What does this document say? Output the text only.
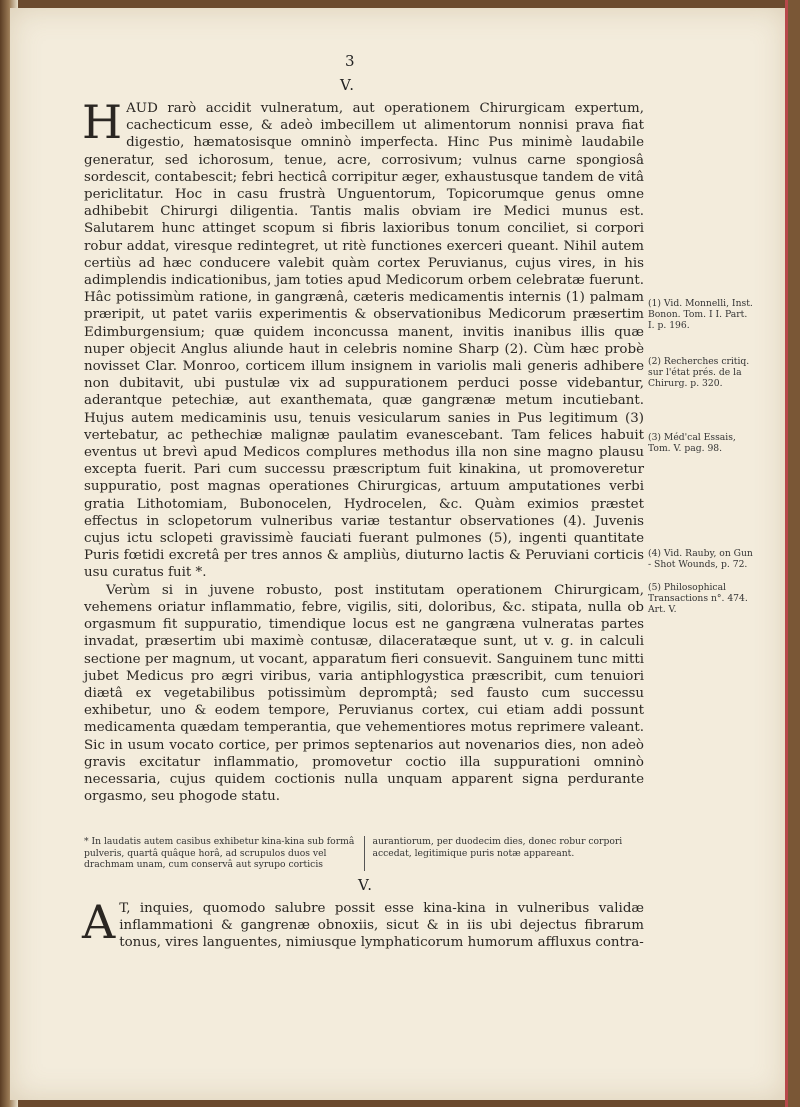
3
V.

HAUD rarò accidit vulneratum, aut operationem Chirurgicam expertum, cachecticum esse, & adeò imbecillem ut alimentorum nonnisi prava fiat digestio, hæmatosisque omninò imperfecta. Hinc Pus minimè laudabile generatur, sed ichorosum, tenue, acre, corrosivum; vulnus carne spongiosâ sordescit, contabescit; febri hecticâ corripitur æger, exhaustusque tandem de vitâ periclitatur. Hoc in casu frustrà Unguentorum, Topicorumque genus omne adhibebit Chirurgi diligentia. Tantis malis obviam ire Medici munus est. Salutarem hunc attinget scopum si fibris laxioribus tonum conciliet, si corpori robur addat, viresque redintegret, ut ritè functiones exerceri queant. Nihil autem certiùs ad hæc conducere valebit quàm cortex Peruvianus, cujus vires, in his adimplendis indicationibus, jam toties apud Medicorum orbem celebratæ fuerunt. Hâc potissimùm ratione, in gangrænâ, cæteris medicamentis internis (1) palmam præripit, ut patet variis experimentis & observationibus Medicorum præsertim Edimburgensium; quæ quidem inconcussa manent, invitis inanibus illis quæ nuper objecit Anglus aliunde haut in celebris nomine Sharp (2). Cùm hæc probè novisset Clar. Monroo, corticem illum insignem in variolis mali generis adhibere non dubitavit, ubi pustulæ vix ad suppurationem perduci posse videbantur, aderantque petechiæ, aut exanthemata, quæ gangrænæ metum incutiebant. Hujus autem medicaminis usu, tenuis vesicularum sanies in Pus legitimum (3) vertebatur, ac pethechiæ malignæ paulatim evanescebant. Tam felices habuit eventus ut brevì apud Medicos complures methodus illa non sine magno plausu excepta fuerit. Pari cum successu præscriptum fuit kinakina, ut promoveretur suppuratio, post magnas operationes Chirurgicas, artuum amputationes verbi gratia Lithotomiam, Bubonocelen, Hydrocelen, &c. Quàm eximios præstet effectus in sclopetorum vulneribus variæ testantur observationes (4). Juvenis cujus ictu sclopeti gravissimè fauciati fuerant pulmones (5), ingenti quantitate Puris fœtidi excretâ per tres annos & ampliùs, diuturno lactis & Peruviani corticis usu curatus fuit *.

Verùm si in juvene robusto, post institutam operationem Chirurgicam, vehemens oriatur inflammatio, febre, vigilis, siti, doloribus, &c. stipata, nulla ob orgasmum fit suppuratio, timendique locus est ne gangræna vulneratas partes invadat, præsertim ubi maximè contusæ, dilaceratæque sunt, ut v. g. in calculi sectione per magnum, ut vocant, apparatum fieri consuevit. Sanguinem tunc mitti jubet Medicus pro ægri viribus, varia antiphlogystica præscribit, cum tenuiori diætâ ex vegetabilibus potissimùm depromptâ; sed fausto cum successu exhibetur, uno & eodem tempore, Peruvianus cortex, cui etiam addi possunt medicamenta quædam temperantia, que vehementiores motus reprimere valeant. Sic in usum vocato cortice, per primos septenarios aut novenarios dies, non adeò gravis excitatur inflammatio, promovetur coctio illa suppurationi omninò necessaria, cujus quidem coctionis nulla unquam apparent signa perdurante orgasmo, seu phogode statu.

(1) Vid. Monnelli, Inst. Bonon. Tom. I I. Part. I. p. 196.
(2) Recherches critiq. sur l'état prés. de la Chirurg. p. 320.
(3) Méd'cal Essais, Tom. V. pag. 98.
(4) Vid. Rauby, on Gun - Shot Wounds, p. 72.
(5) Philosophical Transactions n°. 474. Art. V.
* In laudatis autem casibus exhibetur kina-kina sub formâ pulveris, quartâ quâque horâ, ad scrupulos duos vel drachmam unam, cum conservâ aut syrupo corticis
aurantiorum, per duodecim dies, donec robur corpori accedat, legitimique puris notæ appareant.
V.

A T, inquies, quomodo salubre possit esse kina-kina in vulneribus validæ inflammationi & gangrenæ obnoxiis, sicut & in iis ubi dejectus fibrarum tonus, vires languentes, nimiusque lymphaticorum humorum affluxus contra-
